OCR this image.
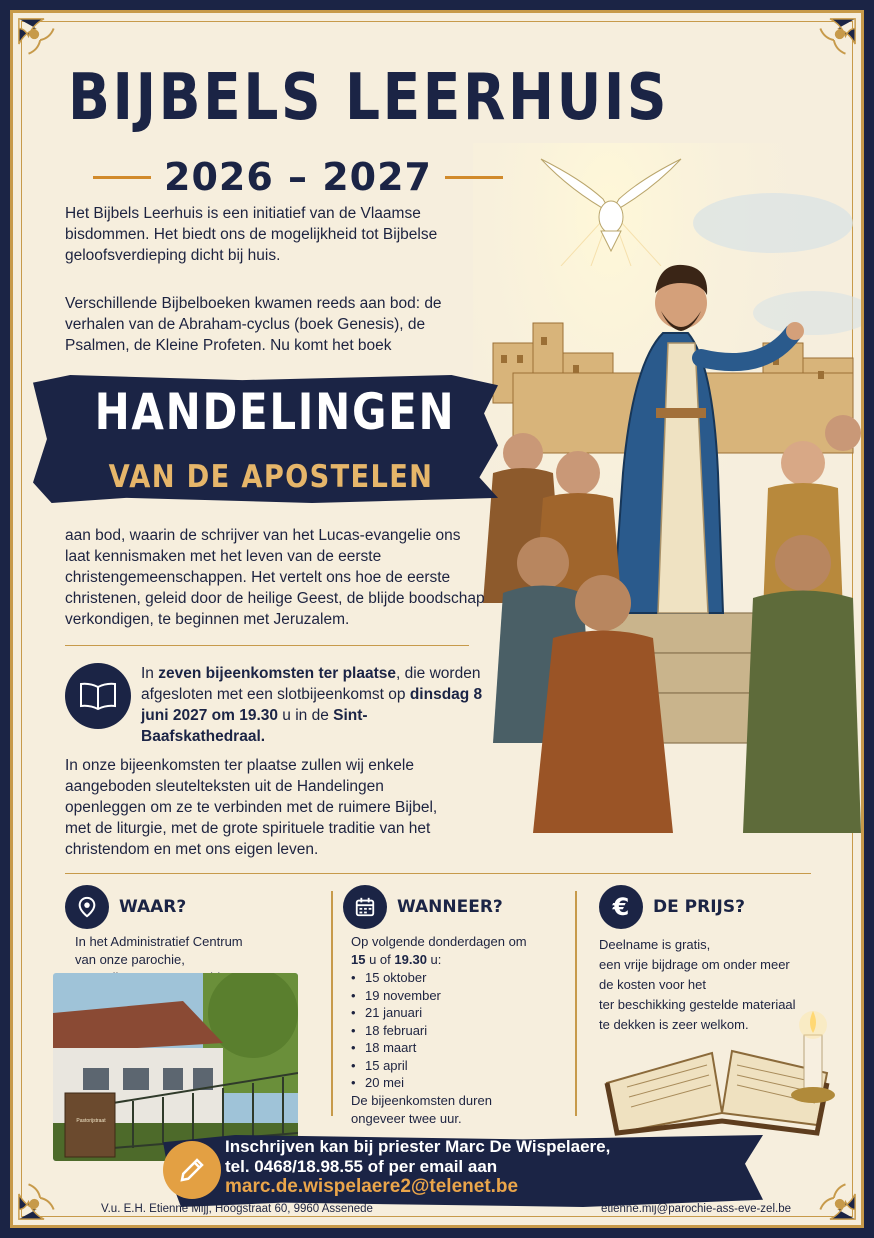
BIJBELS LEERHUIS
2026 – 2027
Het Bijbels Leerhuis is een initiatief van de Vlaamse bisdommen. Het biedt ons de mogelijkheid tot Bijbelse geloofsverdieping dicht bij huis.
Verschillende Bijbelboeken kwamen reeds aan bod: de verhalen van de Abraham-cyclus (boek Genesis), de Psalmen, de Kleine Profeten. Nu komt het boek
HANDELINGEN
VAN DE APOSTELEN
aan bod, waarin de schrijver van het Lucas-evangelie ons laat kennismaken met het leven van de eerste christengemeenschappen. Het vertelt ons hoe de eerste christenen, geleid door de heilige Geest, de blijde boodschap verkondigen, te beginnen met Jeruzalem.
In zeven bijeenkomsten ter plaatse, die worden afgesloten met een slotbijeenkomst op dinsdag 8 juni 2027 om 19.30 u in de Sint-Baafskathedraal.
In onze bijeenkomsten ter plaatse zullen wij enkele aangeboden sleutelteksten uit de Handelingen openleggen om ze te verbinden met de ruimere Bijbel, met de liturgie, met de grote spirituele traditie van het christendom en met ons eigen leven.
WAAR?
In het Administratief Centrum
van onze parochie,
Pastorijstraat
WANNEER?
Op volgende donderdagen om
15 u of 19.30 u:
• 15 oktober
• 19 november
• 21 januari
• 18 februari
• 18 maart
• 15 april
• 20 mei
De bijeenkomsten duren
ongeveer twee uur.
€ DE PRIJS?
Deelname is gratis,
een vrije bijdrage om onder meer
de kosten voor het
ter beschikking gestelde materiaal
te dekken is zeer welkom.
Inschrijven kan bij priester Marc De Wispelaere,
tel. 0468/18.98.55 of per email aan
marc.de.wispelaere2@telenet.be
V.u. E.H. Etienne Mijj, Hoogstraat 60, 9960 Assenede	etienne.mij@parochie-ass-eve-zel.be
